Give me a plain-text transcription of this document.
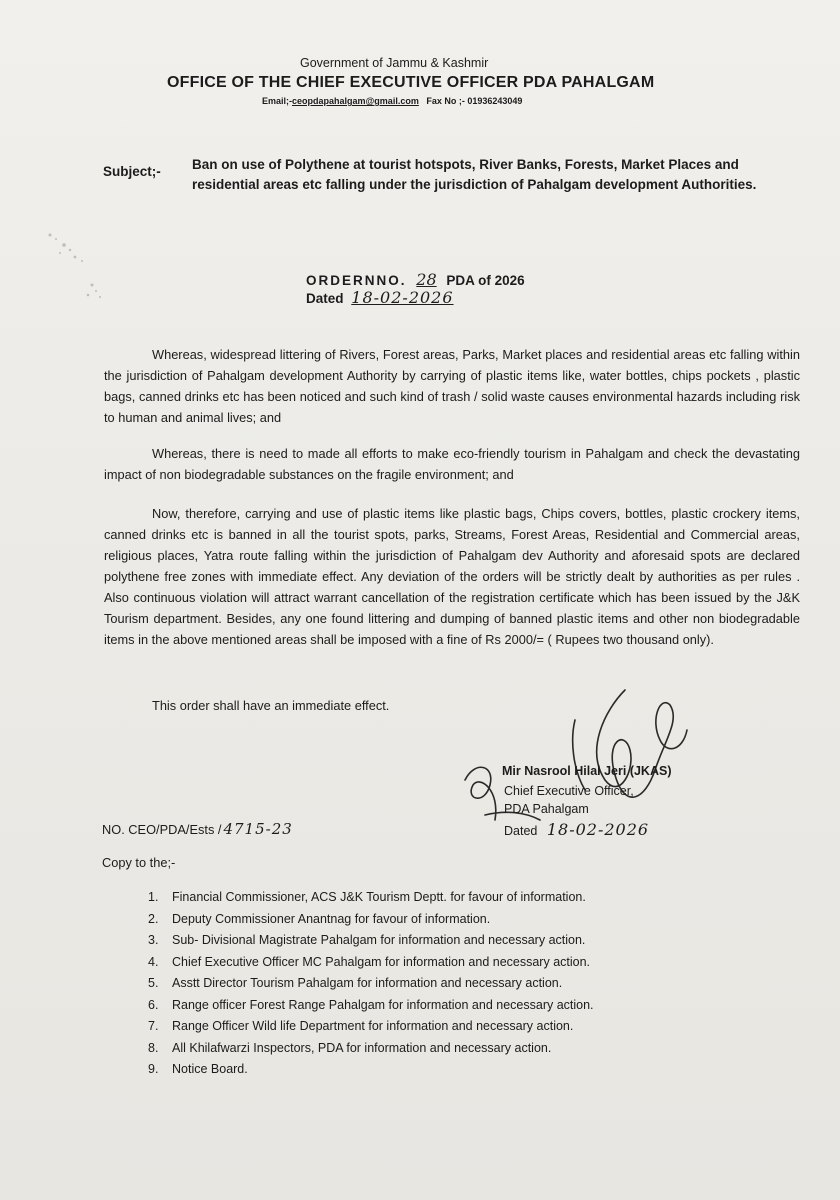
Government of Jammu & Kashmir
OFFICE OF THE CHIEF EXECUTIVE OFFICER PDA PAHALGAM
Email;-ceopdapahalgam@gmail.com Fax No ;- 01936243049
Subject;- Ban on use of Polythene at tourist hotspots, River Banks, Forests, Market Places and residential areas etc falling under the jurisdiction of Pahalgam development Authorities.
ORDERNNO. 28 PDA of 2026
Dated 18-02-2026
Whereas, widespread littering of Rivers, Forest areas, Parks, Market places and residential areas etc falling within the jurisdiction of Pahalgam development Authority by carrying of plastic items like, water bottles, chips pockets , plastic bags, canned drinks etc has been noticed and such kind of trash / solid waste causes environmental hazards including risk to human and animal lives; and
Whereas, there is need to made all efforts to make eco-friendly tourism in Pahalgam and check the devastating impact of non biodegradable substances on the fragile environment; and
Now, therefore, carrying and use of plastic items like plastic bags, Chips covers, bottles, plastic crockery items, canned drinks etc is banned in all the tourist spots, parks, Streams, Forest Areas, Residential and Commercial areas, religious places, Yatra route falling within the jurisdiction of Pahalgam dev Authority and aforesaid spots are declared polythene free zones with immediate effect. Any deviation of the orders will be strictly dealt by authorities as per rules . Also continuous violation will attract warrant cancellation of the registration certificate which has been issued by the J&K Tourism department. Besides, any one found littering and dumping of banned plastic items and other non biodegradable items in the above mentioned areas shall be imposed with a fine of Rs 2000/= ( Rupees two thousand only).
This order shall have an immediate effect.
Mir Nasrool Hilal Jeri (JKAS)
Chief Executive Officer,
PDA Pahalgam
Dated 18-02-2026
NO. CEO/PDA/Ests / 4715-23
Copy to the;-
1. Financial Commissioner, ACS J&K Tourism Deptt. for favour of information.
2. Deputy Commissioner Anantnag for favour of information.
3. Sub- Divisional Magistrate Pahalgam for information and necessary action.
4. Chief Executive Officer MC Pahalgam for information and necessary action.
5. Asstt Director Tourism Pahalgam for information and necessary action.
6. Range officer Forest Range Pahalgam for information and necessary action.
7. Range Officer Wild life Department for information and necessary action.
8. All Khilafwarzi Inspectors, PDA for information and necessary action.
9. Notice Board.
